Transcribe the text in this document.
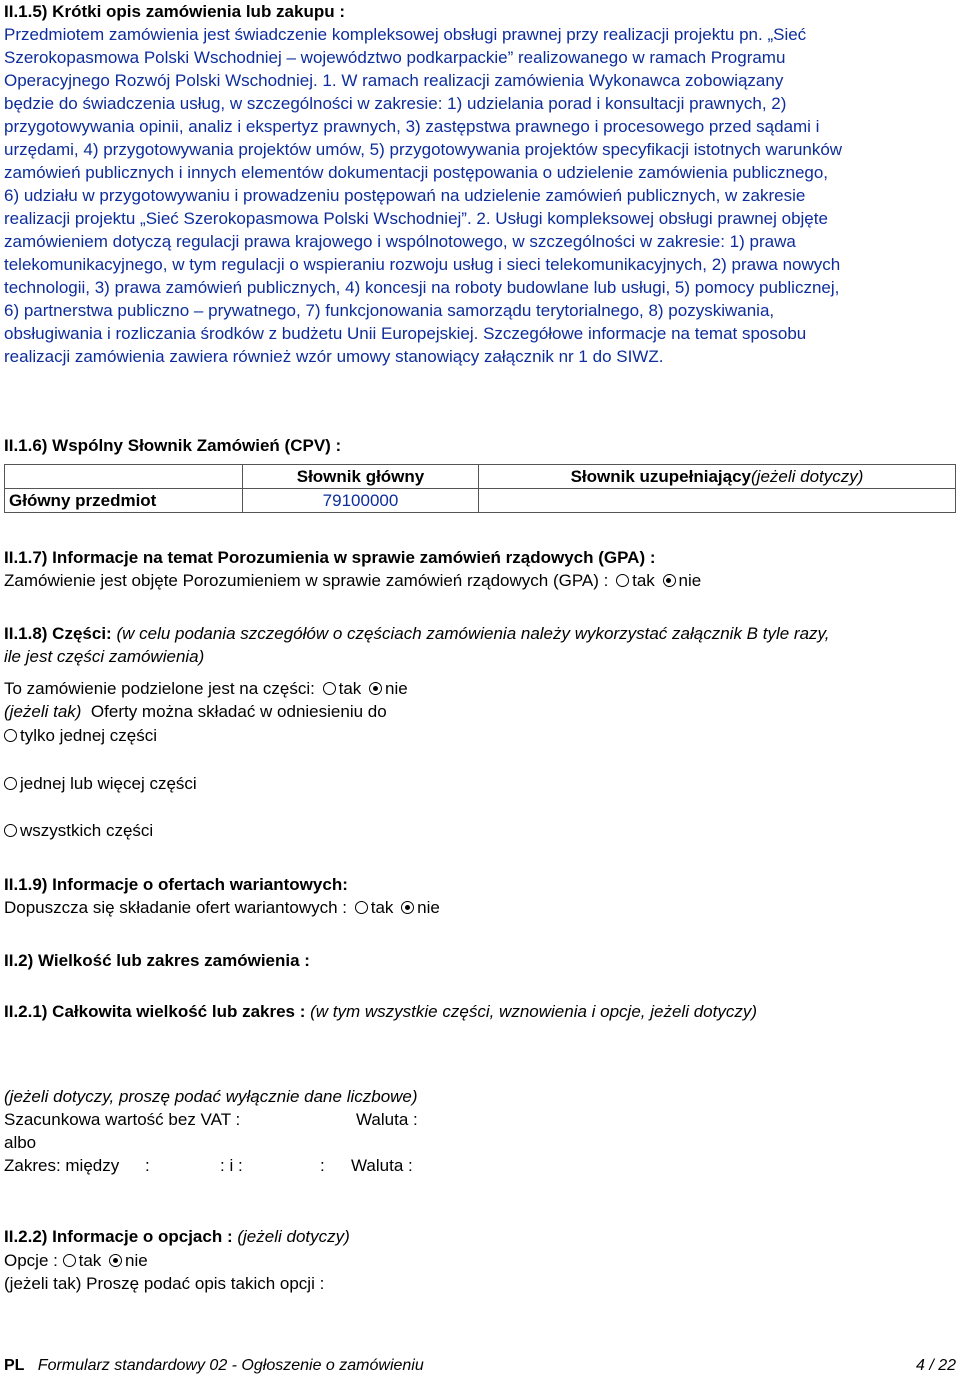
II.1.5) Krótki opis zamówienia lub zakupu :
Przedmiotem zamówienia jest świadczenie kompleksowej obsługi prawnej przy realizacji projektu pn. „Sieć
Szerokopasmowa Polski Wschodniej – województwo podkarpackie” realizowanego w ramach Programu
Operacyjnego Rozwój Polski Wschodniej. 1. W ramach realizacji zamówienia Wykonawca zobowiązany
będzie do świadczenia usług, w szczególności w zakresie: 1) udzielania porad i konsultacji prawnych, 2)
przygotowywania opinii, analiz i ekspertyz prawnych, 3) zastępstwa prawnego i procesowego przed sądami i
urzędami, 4) przygotowywania projektów umów, 5) przygotowywania projektów specyfikacji istotnych warunków
zamówień publicznych i innych elementów dokumentacji postępowania o udzielenie zamówienia publicznego,
6) udziału w przygotowywaniu i prowadzeniu postępowań na udzielenie zamówień publicznych, w zakresie
realizacji projektu „Sieć Szerokopasmowa Polski Wschodniej”. 2. Usługi kompleksowej obsługi prawnej objęte
zamówieniem dotyczą regulacji prawa krajowego i wspólnotowego, w szczególności w zakresie: 1) prawa
telekomunikacyjnego, w tym regulacji o wspieraniu rozwoju usług i sieci telekomunikacyjnych, 2) prawa nowych
technologii, 3) prawa zamówień publicznych, 4) koncesji na roboty budowlane lub usługi, 5) pomocy publicznej,
6) partnerstwa publiczno – prywatnego, 7) funkcjonowania samorządu terytorialnego, 8) pozyskiwania,
obsługiwania i rozliczania środków z budżetu Unii Europejskiej. Szczegółowe informacje na temat sposobu
realizacji zamówienia zawiera również wzór umowy stanowiący załącznik nr 1 do SIWZ.
II.1.6) Wspólny Słownik Zamówień (CPV) :
	Słownik główny	Słownik uzupełniający(jeżeli dotyczy)
Główny przedmiot	79100000	
II.1.7) Informacje na temat Porozumienia w sprawie zamówień rządowych (GPA) :
Zamówienie jest objęte Porozumieniem w sprawie zamówień rządowych (GPA) : tak nie
II.1.8) Części: (w celu podania szczegółów o częściach zamówienia należy wykorzystać załącznik B tyle razy,
ile jest części zamówienia)
To zamówienie podzielone jest na części: tak nie
(jeżeli tak) Oferty można składać w odniesieniu do
tylko jednej części
jednej lub więcej części
wszystkich części
II.1.9) Informacje o ofertach wariantowych:
Dopuszcza się składanie ofert wariantowych : tak nie
II.2) Wielkość lub zakres zamówienia :
II.2.1) Całkowita wielkość lub zakres : (w tym wszystkie części, wznowienia i opcje, jeżeli dotyczy)
(jeżeli dotyczy, proszę podać wyłącznie dane liczbowe)
Szacunkowa wartość bez VAT :	Waluta :
albo
Zakres: między :	: i :	: Waluta :
II.2.2) Informacje o opcjach : (jeżeli dotyczy)
Opcje : tak nie
(jeżeli tak) Proszę podać opis takich opcji :
PL Formularz standardowy 02 - Ogłoszenie o zamówieniu	4 / 22
